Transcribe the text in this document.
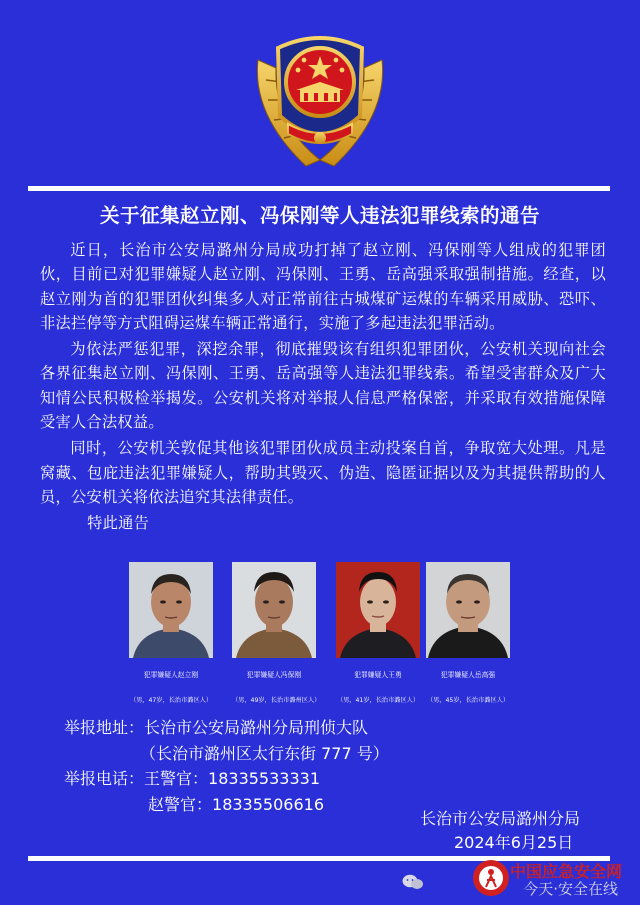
关于征集赵立刚、冯保刚等人违法犯罪线索的通告

近日，长治市公安局潞州分局成功打掉了赵立刚、冯保刚等人组成的犯罪团伙，目前已对犯罪嫌疑人赵立刚、冯保刚、王勇、岳高强采取强制措施。经查，以赵立刚为首的犯罪团伙纠集多人对正常前往古城煤矿运煤的车辆采用威胁、恐吓、非法拦停等方式阻碍运煤车辆正常通行，实施了多起违法犯罪活动。

为依法严惩犯罪，深挖余罪，彻底摧毁该有组织犯罪团伙，公安机关现向社会各界征集赵立刚、冯保刚、王勇、岳高强等人违法犯罪线索。希望受害群众及广大知情公民积极检举揭发。公安机关将对举报人信息严格保密，并采取有效措施保障受害人合法权益。

同时，公安机关敦促其他该犯罪团伙成员主动投案自首，争取宽大处理。凡是窝藏、包庇违法犯罪嫌疑人，帮助其毁灭、伪造、隐匿证据以及为其提供帮助的人员，公安机关将依法追究其法律责任。

特此通告

犯罪嫌疑人赵立刚
（男，47岁，长治市潞区人）
犯罪嫌疑人冯保刚
（男，49岁，长治市潞州区人）
犯罪嫌疑人王勇
（男，41岁，长治市潞区人）
犯罪嫌疑人岳高强
（男，45岁，长治市潞区人）
举报地址：长治市公安局潞州分局刑侦大队
（长治市潞州区太行东街 777 号）
举报电话：王警官：18335533331
赵警官：18335506616
长治市公安局潞州分局
2024年6月25日
中国应急安全网
今天·安全在线
